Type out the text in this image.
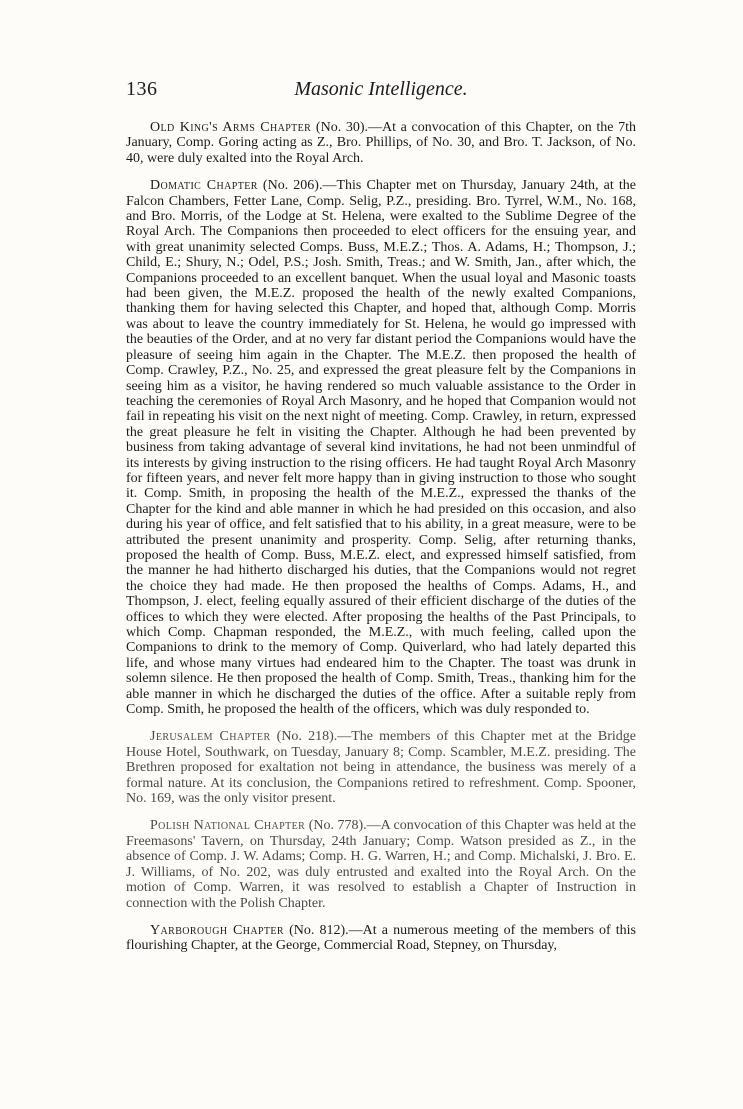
136	Masonic Intelligence.

Old King's Arms Chapter (No. 30).—At a convocation of this Chapter, on the 7th January, Comp. Goring acting as Z., Bro. Phillips, of No. 30, and Bro. T. Jackson, of No. 40, were duly exalted into the Royal Arch.

Domatic Chapter (No. 206).—This Chapter met on Thursday, January 24th, at the Falcon Chambers, Fetter Lane, Comp. Selig, P.Z., presiding. Bro. Tyrrel, W.M., No. 168, and Bro. Morris, of the Lodge at St. Helena, were exalted to the Sublime Degree of the Royal Arch. The Companions then proceeded to elect officers for the ensuing year, and with great unanimity selected Comps. Buss, M.E.Z.; Thos. A. Adams, H.; Thompson, J.; Child, E.; Shury, N.; Odel, P.S.; Josh. Smith, Treas.; and W. Smith, Jan., after which, the Companions proceeded to an excellent banquet. When the usual loyal and Masonic toasts had been given, the M.E.Z. proposed the health of the newly exalted Companions, thanking them for having selected this Chapter, and hoped that, although Comp. Morris was about to leave the country immediately for St. Helena, he would go impressed with the beauties of the Order, and at no very far distant period the Companions would have the pleasure of seeing him again in the Chapter. The M.E.Z. then proposed the health of Comp. Crawley, P.Z., No. 25, and expressed the great pleasure felt by the Companions in seeing him as a visitor, he having rendered so much valuable assistance to the Order in teaching the ceremonies of Royal Arch Masonry, and he hoped that Companion would not fail in repeating his visit on the next night of meeting. Comp. Crawley, in return, expressed the great pleasure he felt in visiting the Chapter. Although he had been prevented by business from taking advantage of several kind invitations, he had not been unmindful of its interests by giving instruction to the rising officers. He had taught Royal Arch Masonry for fifteen years, and never felt more happy than in giving instruction to those who sought it. Comp. Smith, in proposing the health of the M.E.Z., expressed the thanks of the Chapter for the kind and able manner in which he had presided on this occasion, and also during his year of office, and felt satisfied that to his ability, in a great measure, were to be attributed the present unanimity and prosperity. Comp. Selig, after returning thanks, proposed the health of Comp. Buss, M.E.Z. elect, and expressed himself satisfied, from the manner he had hitherto discharged his duties, that the Companions would not regret the choice they had made. He then proposed the healths of Comps. Adams, H., and Thompson, J. elect, feeling equally assured of their efficient discharge of the duties of the offices to which they were elected. After proposing the healths of the Past Principals, to which Comp. Chapman responded, the M.E.Z., with much feeling, called upon the Companions to drink to the memory of Comp. Quiverlard, who had lately departed this life, and whose many virtues had endeared him to the Chapter. The toast was drunk in solemn silence. He then proposed the health of Comp. Smith, Treas., thanking him for the able manner in which he discharged the duties of the office. After a suitable reply from Comp. Smith, he proposed the health of the officers, which was duly responded to.

Jerusalem Chapter (No. 218).—The members of this Chapter met at the Bridge House Hotel, Southwark, on Tuesday, January 8; Comp. Scambler, M.E.Z. presiding. The Brethren proposed for exaltation not being in attendance, the business was merely of a formal nature. At its conclusion, the Companions retired to refreshment. Comp. Spooner, No. 169, was the only visitor present.

Polish National Chapter (No. 778).—A convocation of this Chapter was held at the Freemasons' Tavern, on Thursday, 24th January; Comp. Watson presided as Z., in the absence of Comp. J. W. Adams; Comp. H. G. Warren, H.; and Comp. Michalski, J. Bro. E. J. Williams, of No. 202, was duly entrusted and exalted into the Royal Arch. On the motion of Comp. Warren, it was resolved to establish a Chapter of Instruction in connection with the Polish Chapter.

Yarborough Chapter (No. 812).—At a numerous meeting of the members of this flourishing Chapter, at the George, Commercial Road, Stepney, on Thursday,
